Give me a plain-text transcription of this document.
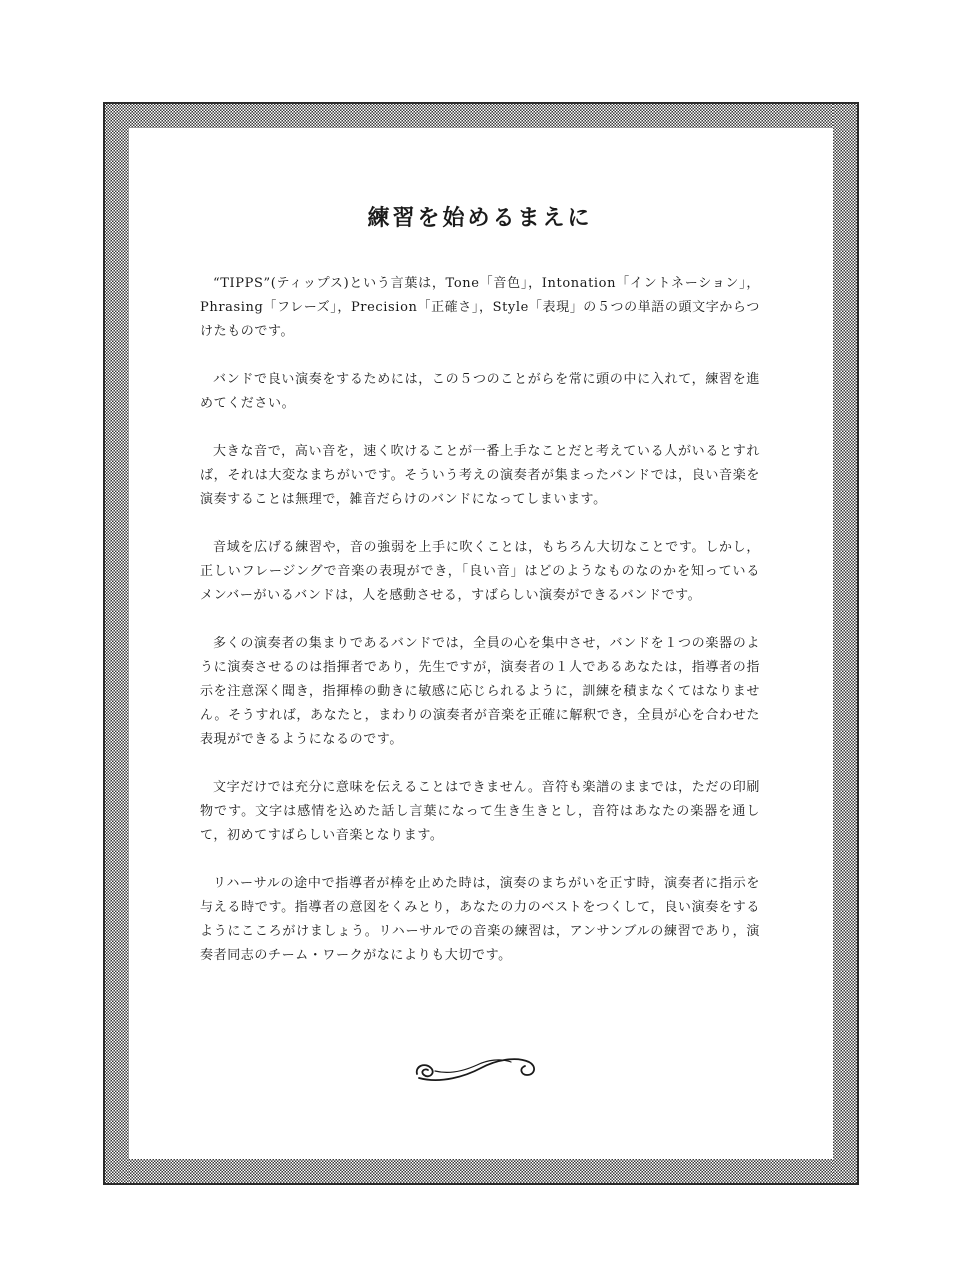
練習を始めるまえに

“TIPPS”(ティップス)という言葉は，Tone「音色」，Intonation「イントネーション」，Phrasing「フレーズ」，Precision「正確さ」，Style「表現」の５つの単語の頭文字からつけたものです。

バンドで良い演奏をするためには，この５つのことがらを常に頭の中に入れて，練習を進めてください。

大きな音で，高い音を，速く吹けることが一番上手なことだと考えている人がいるとすれば，それは大変なまちがいです。そういう考えの演奏者が集まったバンドでは，良い音楽を演奏することは無理で，雑音だらけのバンドになってしまいます。

音域を広げる練習や，音の強弱を上手に吹くことは，もちろん大切なことです。しかし，正しいフレージングで音楽の表現ができ，「良い音」はどのようなものなのかを知っているメンバーがいるバンドは，人を感動させる，すばらしい演奏ができるバンドです。

多くの演奏者の集まりであるバンドでは，全員の心を集中させ，バンドを１つの楽器のように演奏させるのは指揮者であり，先生ですが，演奏者の１人であるあなたは，指導者の指示を注意深く聞き，指揮棒の動きに敏感に応じられるように，訓練を積まなくてはなりません。そうすれば，あなたと，まわりの演奏者が音楽を正確に解釈でき，全員が心を合わせた表現ができるようになるのです。

文字だけでは充分に意味を伝えることはできません。音符も楽譜のままでは，ただの印刷物です。文字は感情を込めた話し言葉になって生き生きとし，音符はあなたの楽器を通して，初めてすばらしい音楽となります。

リハーサルの途中で指導者が棒を止めた時は，演奏のまちがいを正す時，演奏者に指示を与える時です。指導者の意図をくみとり，あなたの力のベストをつくして，良い演奏をするようにこころがけましょう。リハーサルでの音楽の練習は，アンサンブルの練習であり，演奏者同志のチーム・ワークがなによりも大切です。
